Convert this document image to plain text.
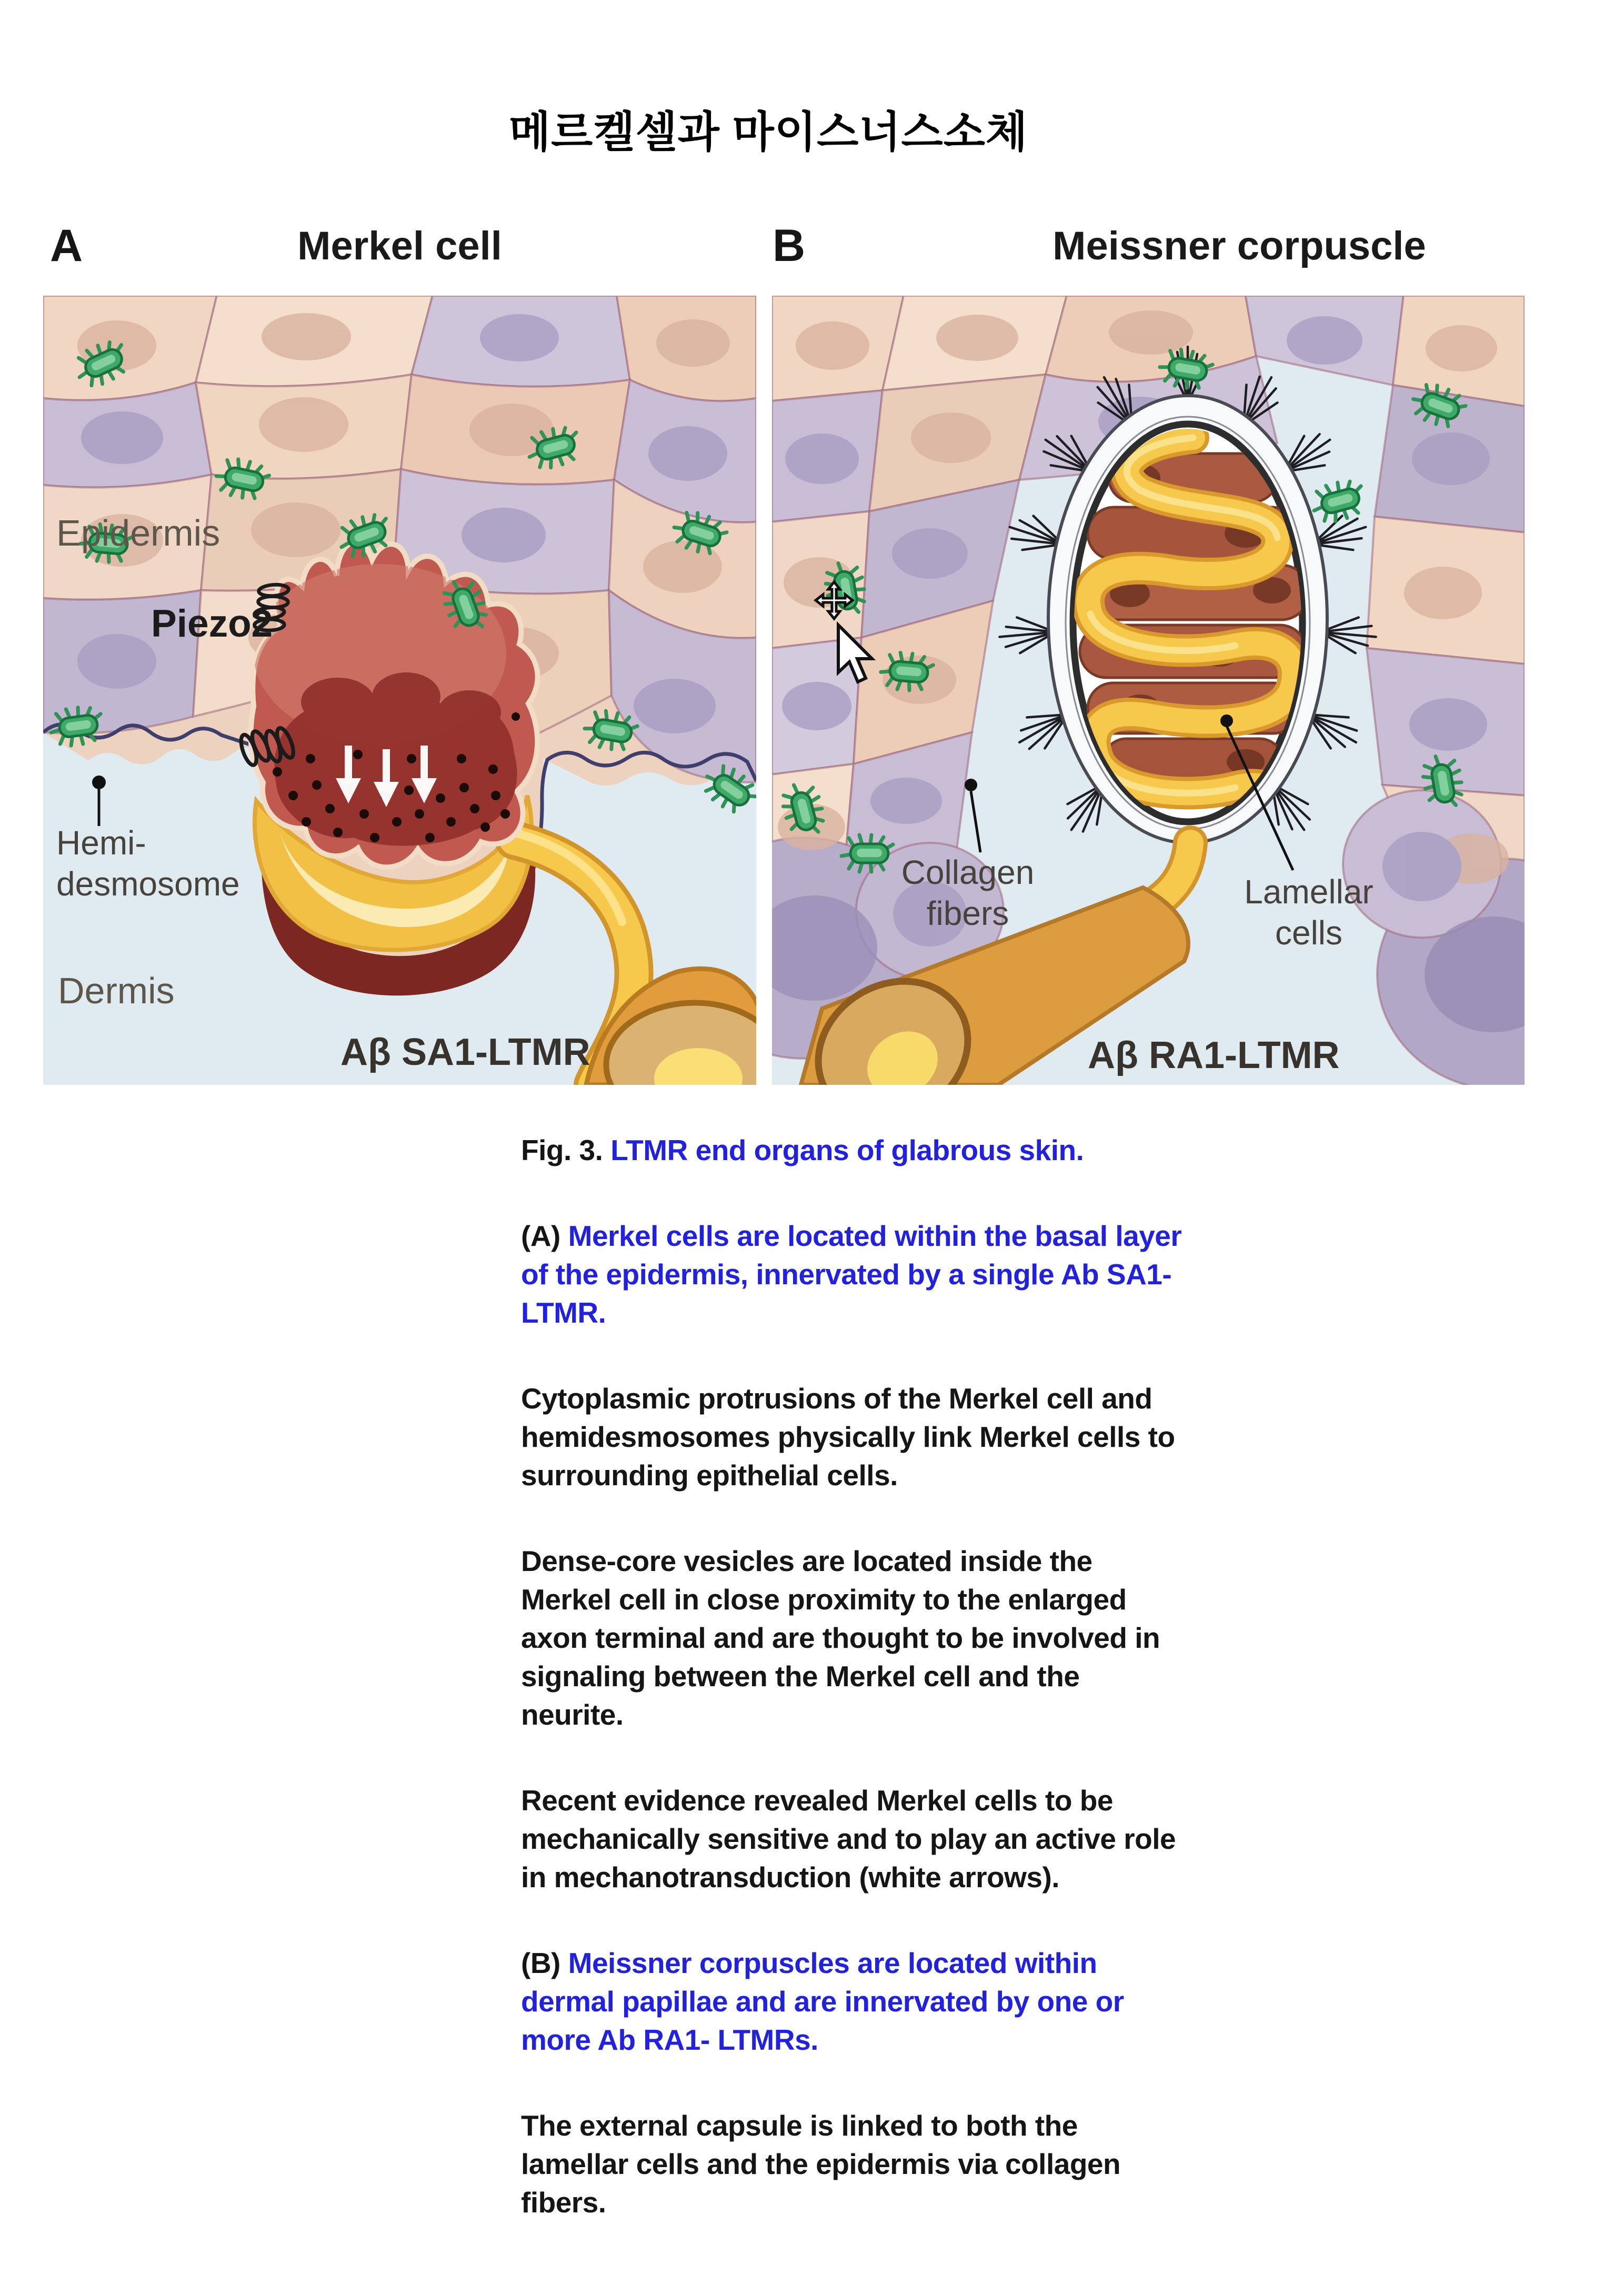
메르켈셀과 마이스너스소체
A	Merkel cell	B	Meissner corpuscle
Epidermis
Piezo2
Hemi-
desmosome
Dermis
Aβ SA1-LTMR
Collagen
fibers
Lamellar
cells
Aβ RA1-LTMR

Fig. 3. LTMR end organs of glabrous skin.

(A) Merkel cells are located within the basal layer of the epidermis, innervated by a single Ab SA1-LTMR.

Cytoplasmic protrusions of the Merkel cell and hemidesmosomes physically link Merkel cells to surrounding epithelial cells.

Dense-core vesicles are located inside the Merkel cell in close proximity to the enlarged axon terminal and are thought to be involved in signaling between the Merkel cell and the neurite.

Recent evidence revealed Merkel cells to be mechanically sensitive and to play an active role in mechanotransduction (white arrows).

(B) Meissner corpuscles are located within dermal papillae and are innervated by one or more Ab RA1- LTMRs.

The external capsule is linked to both the lamellar cells and the epidermis via collagen fibers.
